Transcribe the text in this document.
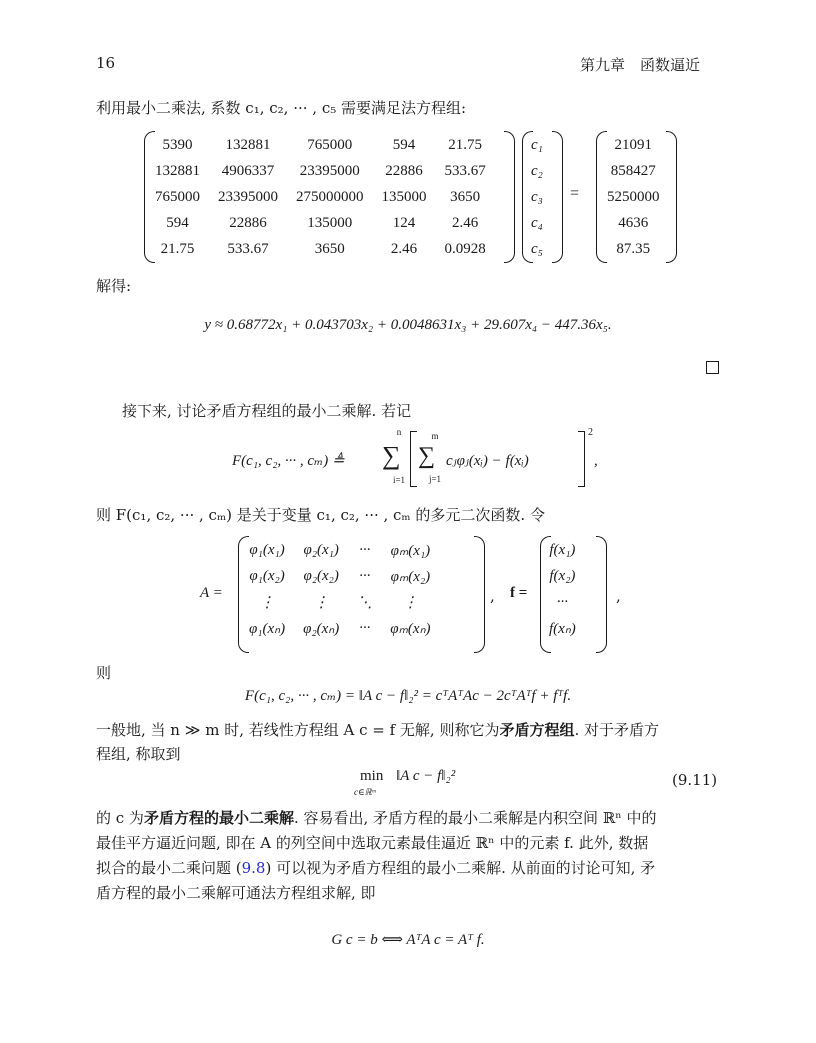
16	第九章　函数逼近
利用最小二乘法, 系数 c₁, c₂, ··· , c₅ 需要满足法方程组:
5390	132881	765000	594	21.75
132881	4906337	23395000	22886	533.67
765000	23395000	275000000	135000	3650
594	22886	135000	124	2.46
21.75	533.67	3650	2.46	0.0928
c₁
c₂
c₃
c₄
c₅
=
21091
858427
5250000
4636
87.35
解得:
y ≈ 0.68772x₁ + 0.043703x₂ + 0.0048631x₃ + 29.607x₄ − 447.36x₅.
接下来, 讨论矛盾方程组的最小二乘解. 若记
F(c₁, c₂, ··· , cₘ) ≜
n
∑
i=1
m
∑
j=1
cⱼφⱼ(xᵢ) − f(xᵢ)
2
,
则 F(c₁, c₂, ··· , cₘ) 是关于变量 c₁, c₂, ··· , cₘ 的多元二次函数. 令
A =
φ₁(x₁)	φ₂(x₁)	···	φₘ(x₁)
φ₁(x₂)	φ₂(x₂)	···	φₘ(x₂)
⋮	⋮	⋱	⋮
φ₁(xₙ)	φ₂(xₙ)	···	φₘ(xₙ)
, f =
f(x₁)
f(x₂)
···
f(xₙ)
,
则
F(c₁, c₂, ··· , cₘ) = ‖A c − f‖₂² = cᵀAᵀAc − 2cᵀAᵀf + fᵀf.
一般地, 当 n ≫ m 时, 若线性方程组 A c = f 无解, 则称它为矛盾方程组. 对于矛盾方
程组, 称取到
min
c∈ℝᵐ
‖A c − f‖₂²	(9.11)
的 c 为矛盾方程的最小二乘解. 容易看出, 矛盾方程的最小二乘解是内积空间 ℝⁿ 中的
最佳平方逼近问题, 即在 A 的列空间中选取元素最佳逼近 ℝⁿ 中的元素 f. 此外, 数据
拟合的最小二乘问题 (9.8) 可以视为矛盾方程组的最小二乘解. 从前面的讨论可知, 矛
盾方程的最小二乘解可通法方程组求解, 即
G c = b ⟺ AᵀA c = Aᵀ f.
